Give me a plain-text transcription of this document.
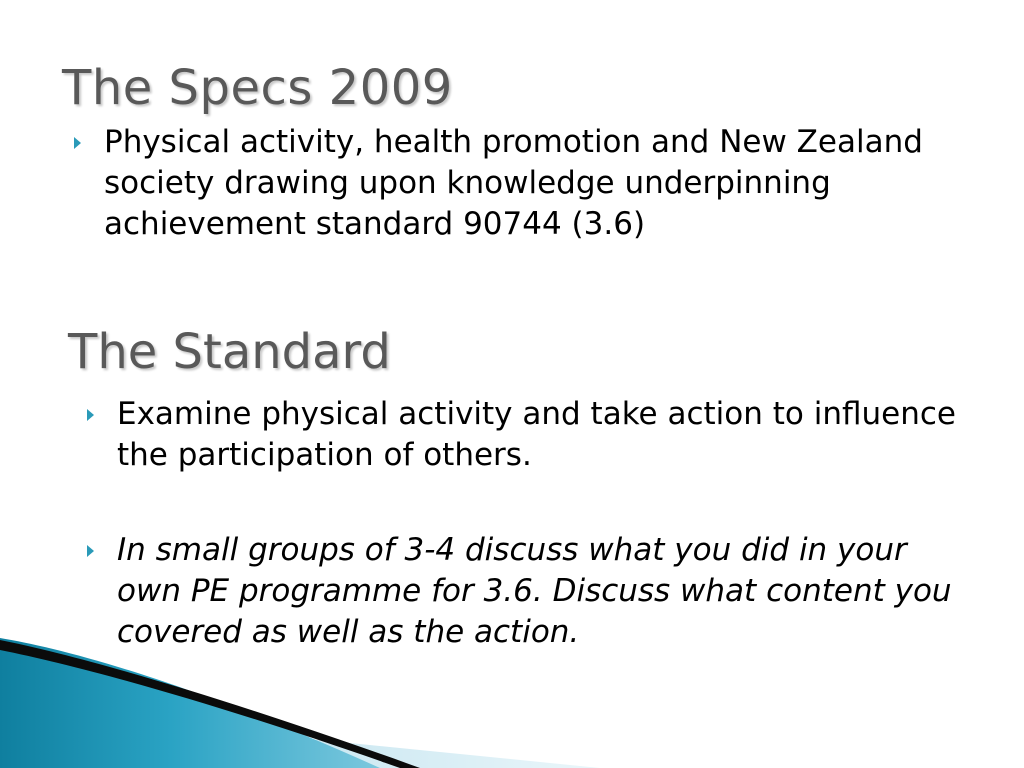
The Specs 2009
Physical activity, health promotion and New Zealand society drawing upon knowledge underpinning achievement standard 90744 (3.6)
The Standard
Examine physical activity and take action to influence the participation of others.
In small groups of 3-4 discuss what you did in your own PE programme for 3.6. Discuss what content you covered as well as the action.
